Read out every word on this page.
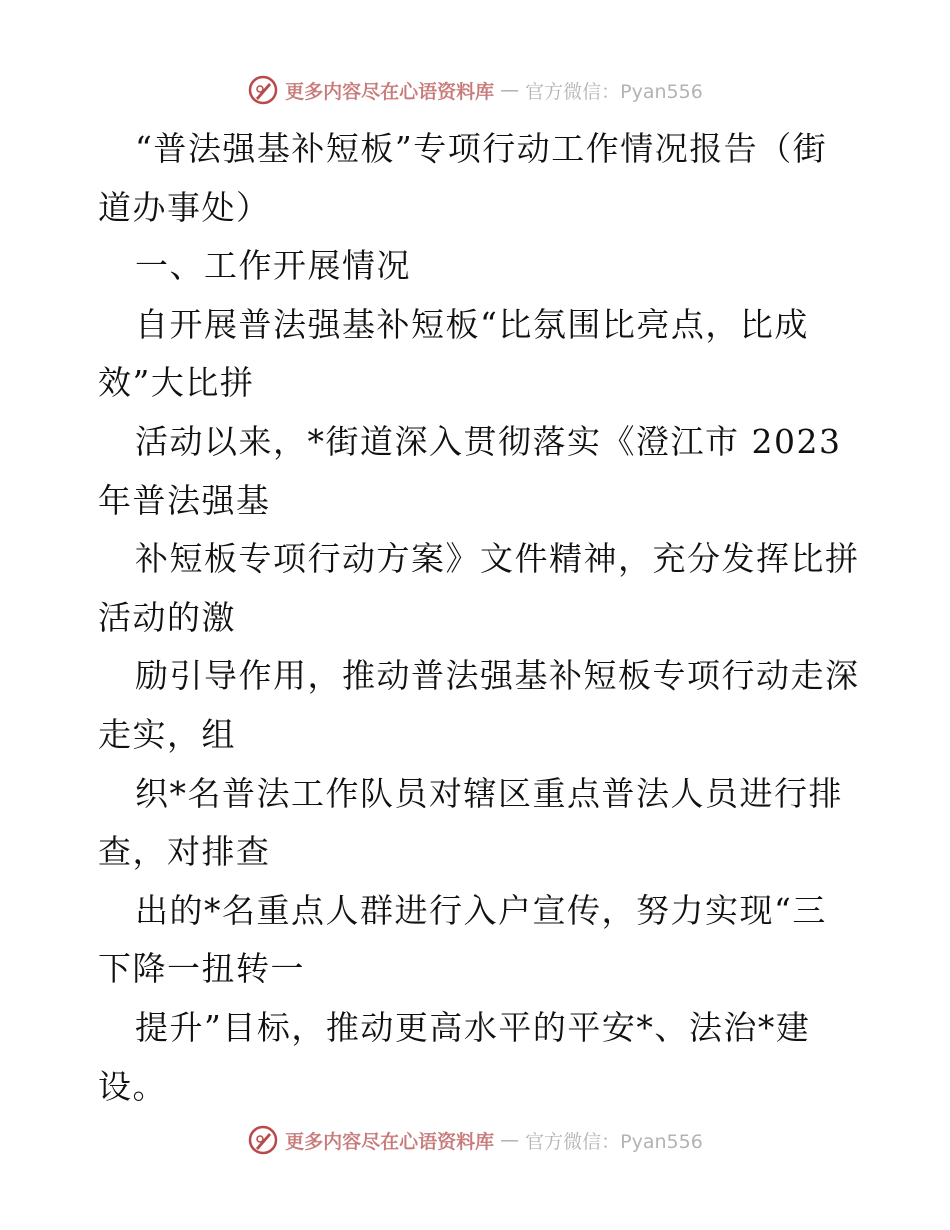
更多内容尽在心语资料库 — 官方微信：Pyan556
“普法强基补短板”专项行动工作情况报告（街
道办事处）
一、工作开展情况
自开展普法强基补短板“比氛围比亮点，比成
效”大比拼
活动以来，*街道深入贯彻落实《澄江市 2023
年普法强基
补短板专项行动方案》文件精神，充分发挥比拼
活动的激
励引导作用，推动普法强基补短板专项行动走深
走实，组
织*名普法工作队员对辖区重点普法人员进行排
查，对排查
出的*名重点人群进行入户宣传，努力实现“三
下降一扭转一
提升”目标，推动更高水平的平安*、法治*建
设。
更多内容尽在心语资料库 — 官方微信：Pyan556
